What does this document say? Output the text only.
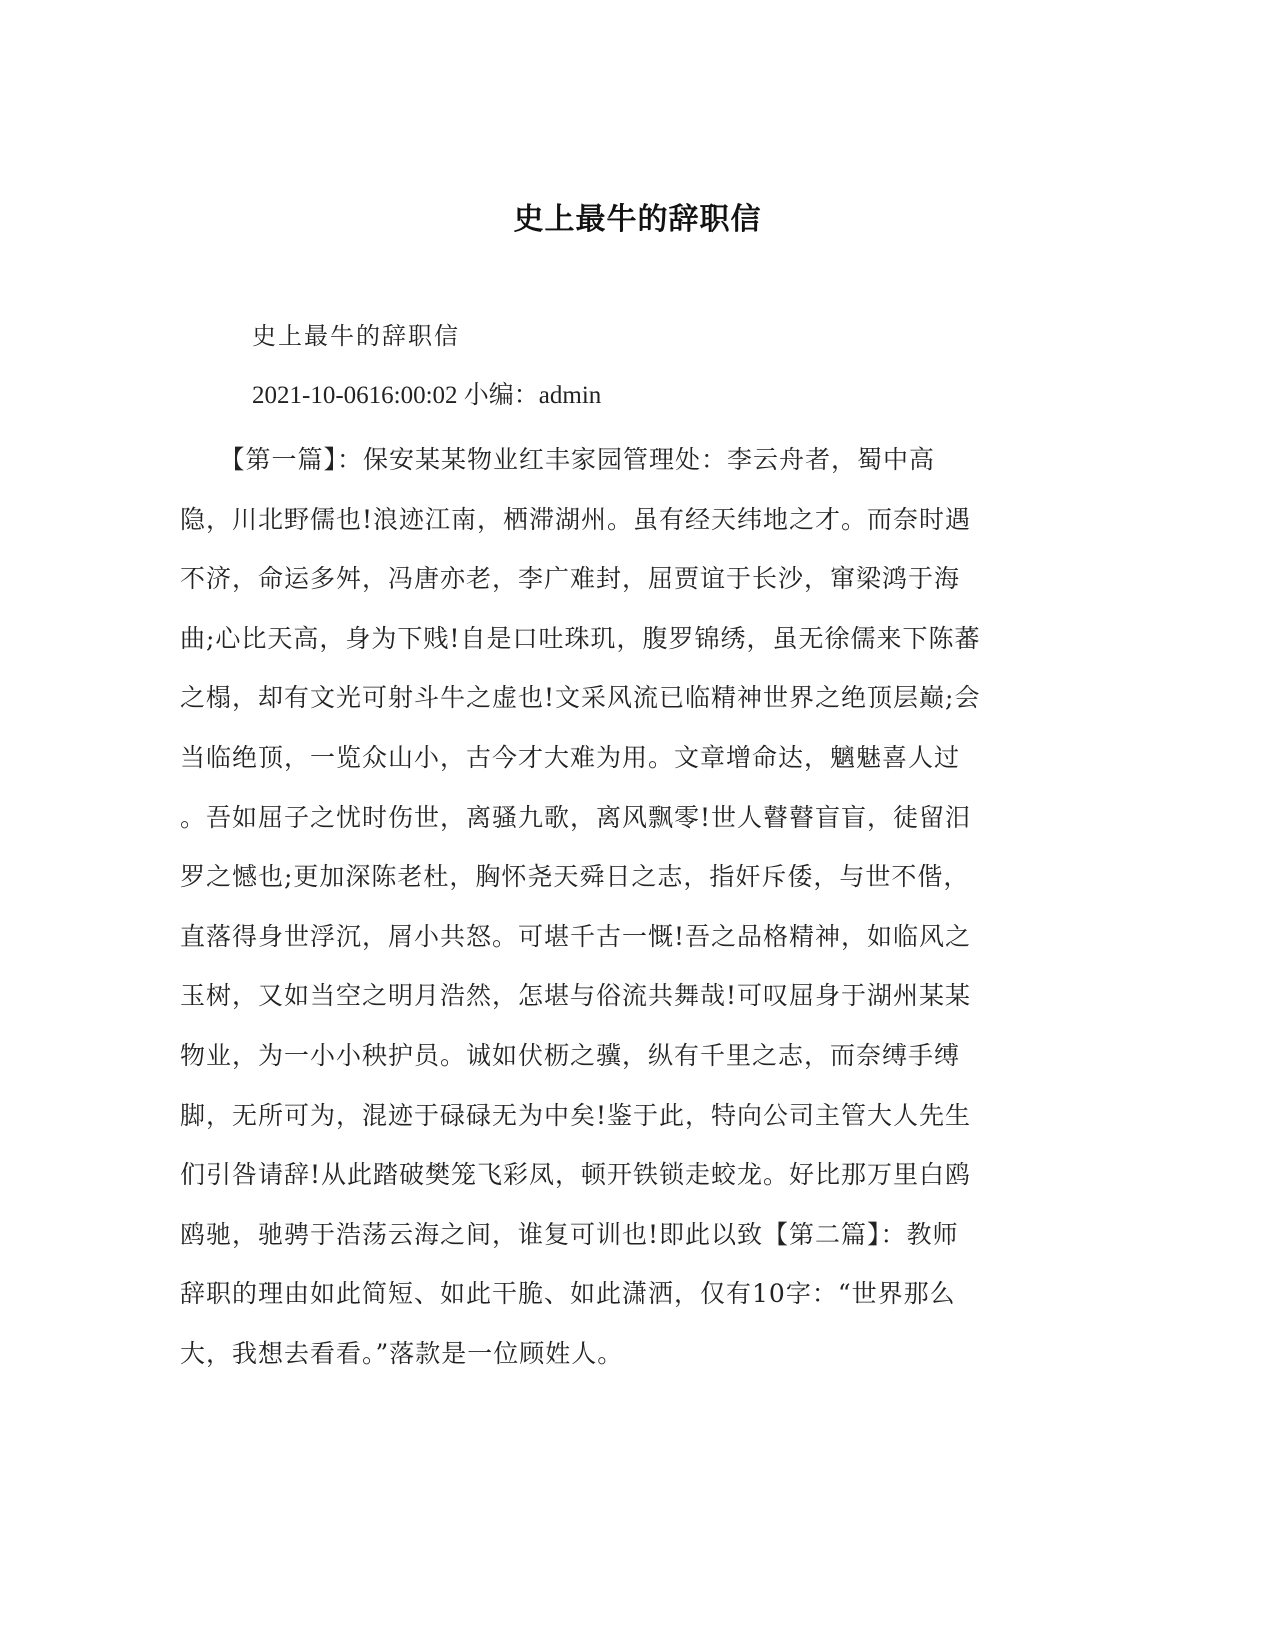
史上最牛的辞职信

史上最牛的辞职信

2021-10-0616:00:02 小编：admin

　　【第一篇】：保安某某物业红丰家园管理处：李云舟者，蜀中高
隐，川北野儒也!浪迹江南，栖滞湖州。虽有经天纬地之才。而奈时遇
不济，命运多舛，冯唐亦老，李广难封，屈贾谊于长沙，窜梁鸿于海
曲;心比天高，身为下贱!自是口吐珠玑，腹罗锦绣，虽无徐儒来下陈蕃
之榻，却有文光可射斗牛之虚也!文采风流已临精神世界之绝顶层巅;会
当临绝顶，一览众山小，古今才大难为用。文章增命达，魑魅喜人过
。吾如屈子之忧时伤世，离骚九歌，离风飘零!世人瞽瞽盲盲，徒留汨
罗之憾也;更加深陈老杜，胸怀尧天舜日之志，指奸斥倭，与世不偕，
直落得身世浮沉，屑小共怒。可堪千古一慨!吾之品格精神，如临风之
玉树，又如当空之明月浩然，怎堪与俗流共舞哉!可叹屈身于湖州某某
物业，为一小小秧护员。诚如伏枥之骥，纵有千里之志，而奈缚手缚
脚，无所可为，混迹于碌碌无为中矣!鉴于此，特向公司主管大人先生
们引咎请辞!从此踏破樊笼飞彩凤，顿开铁锁走蛟龙。好比那万里白鸥
鸥驰，驰骋于浩荡云海之间，谁复可训也!即此以致【第二篇】：教师
辞职的理由如此简短、如此干脆、如此潇洒，仅有10字：“世界那么
大，我想去看看。”落款是一位顾姓人。
